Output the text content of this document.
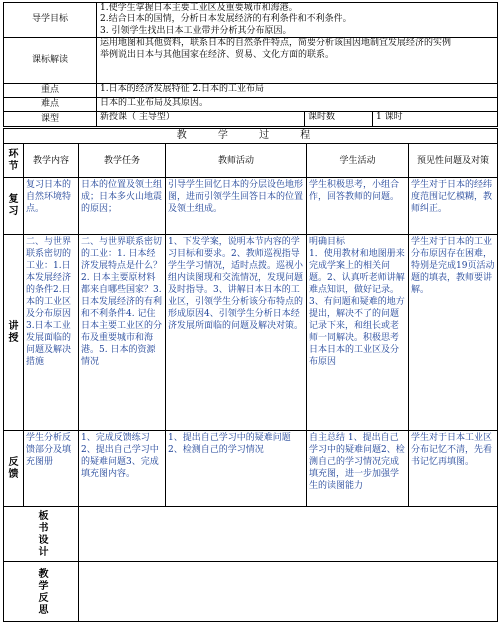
导学目标	1.使学生掌握日本主要工业区及重要城市和海港。

2.结合日本的国情，分析日本发展经济的有利条件和不利条件。

3. 引领学生找出日本工业带并分析其分布原因。		

课标解读	运用地图和其他资料，联系日本的自然条件特点，简要分析该国因地制宜发展经济的实例

举例说出日本与其他国家在经济、贸易、文化方面的联系。		

重点	1.日本的经济发展特征 2.日本的工业布局		
难点	日本的工业布局及其原因。		
课型	新授课（ 主导型）	课时数	1 课时
教 学 过 程					
环节	教学内容	教学任务	教师活动	学生活动	预见性问题及对策
复习	复习日本的自然环境特点。	日本的位置及领土组成；日本多火山地震的原因；	引导学生回忆日本的分层设色地形图，进而引领学生回答日本的位置及领土组成。	学生积极思考，小组合作，回答教师的问题。	学生对于日本的经纬度范围记忆模糊，教师纠正。
讲授	二、与世界联系密切的工业：1.日本发展经济的条件2.日本的工业区及分布原因3.日本工业发展面临的问题及解决措施	二、与世界联系密切的工业：1. 日本经济发展特点是什么？2. 日本主要原材料都来自哪些国家？3. 日本发展经济的有利和不利条件4. 记住日本主要工业区的分布及重要城市和海港。5. 日本的资源情况	1、下发学案，说明本节内容的学习目标和要求。2、教师巡视指导学生学习情况，适时点拨。巡视小组内读图现和交流情况，发现问题及时指导。3、讲解日本日本的工业区，引领学生分析该分布特点的形成原因4、引领学生分析日本经济发展所面临的问题及解决对策。	明确目标

1．使用教材和地图册来完成学案上的相关问题。2、认真听老师讲解难点知识，做好记录。3、有问题和疑难的地方提出，解决不了的问题记录下来，和组长或老师一同解决。积极思考日本日本的工业区及分布原因	学生对于日本的工业分布原因存在困难，特别是完成19页活动题的填表，教师要讲解。
反馈	学生分析反馈部分及填充图册	1、完成反馈练习2、提出自己学习中的疑难问题3、完成填充图内容。	1、提出自己学习中的疑难问题2、检测自己的学习情况	自主总结 1、提出自己学习中的疑难问题2、检测自己的学习情况完成填充图，进一步加强学生的读图能力	学生对于日本工业区分布记忆不清，先看书记忆再填图。

板书设计					

教学反思					
